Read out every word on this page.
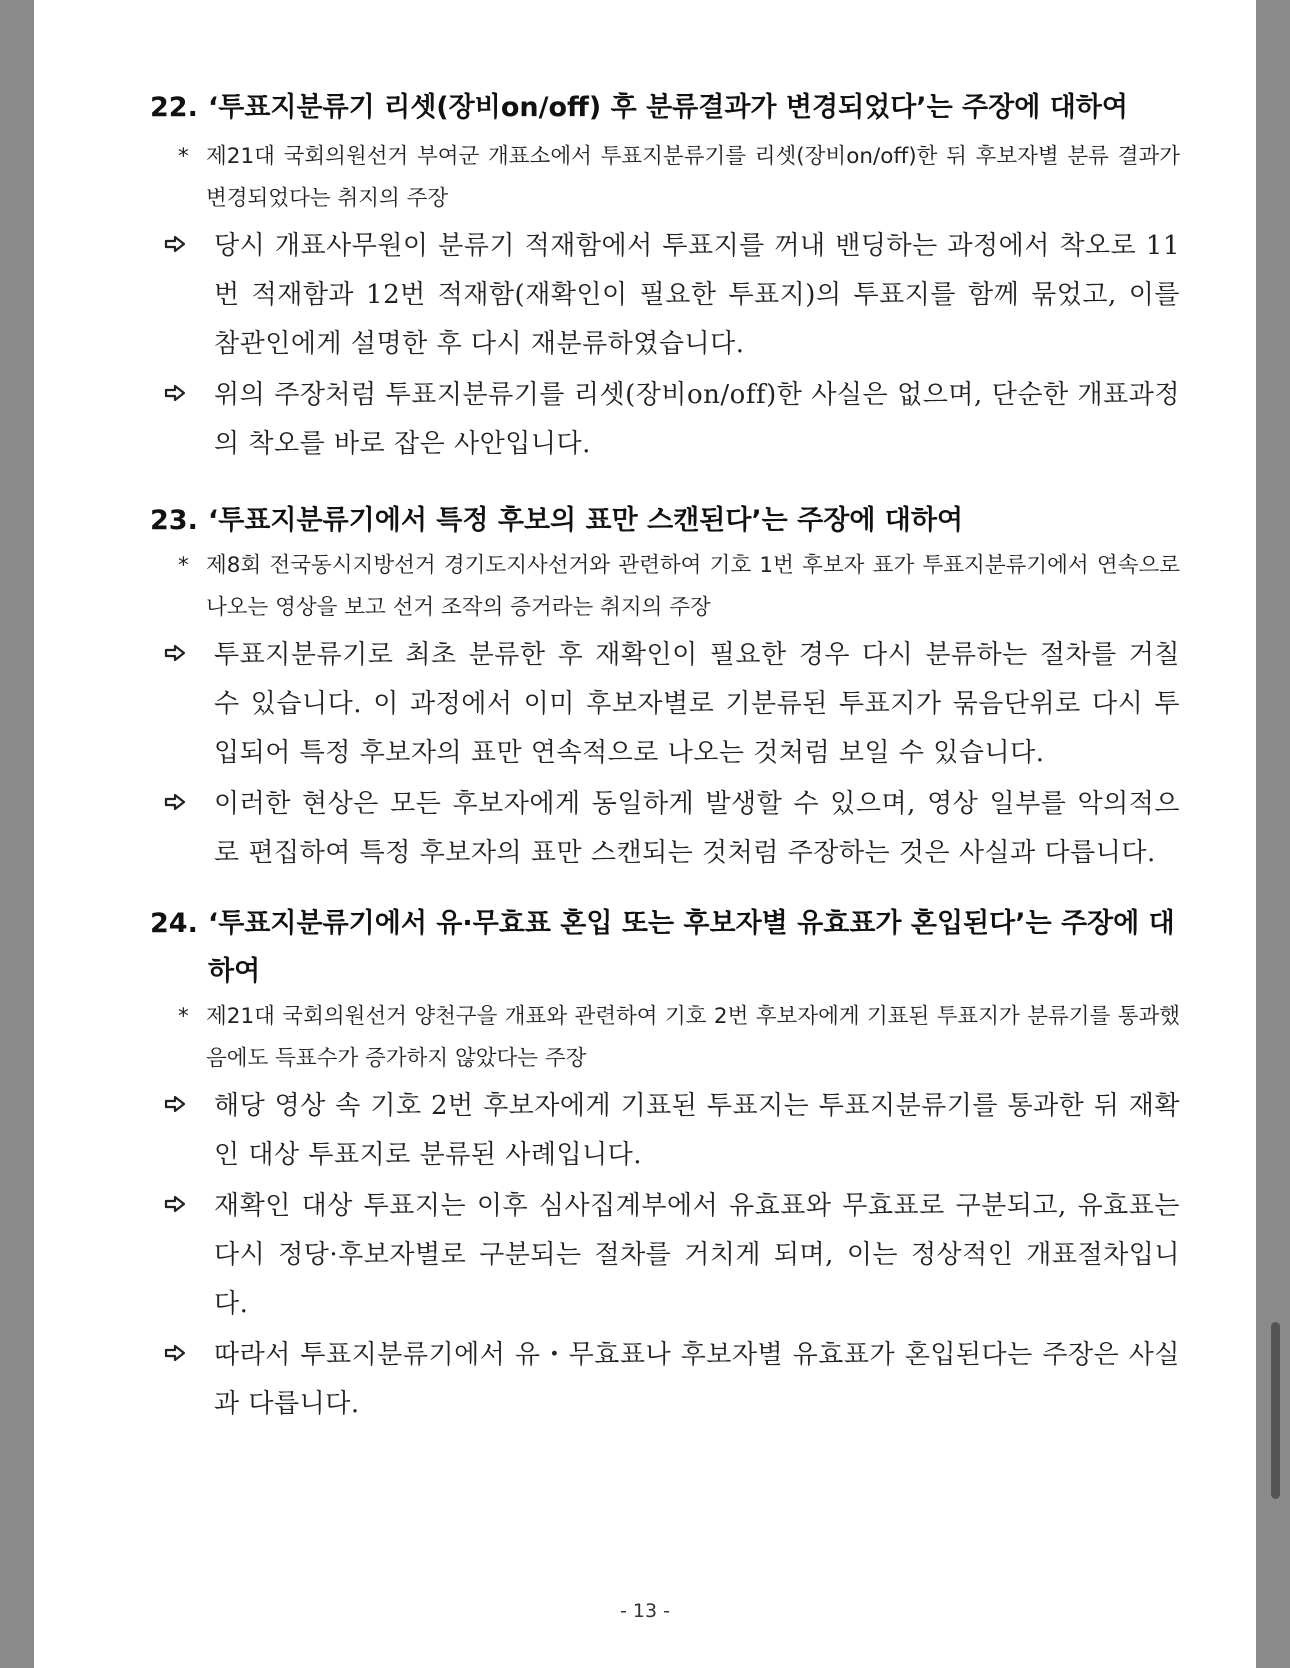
22. ‘투표지분류기 리셋(장비on/off) 후 분류결과가 변경되었다’는 주장에 대하여
* 제21대 국회의원선거 부여군 개표소에서 투표지분류기를 리셋(장비on/off)한 뒤 후보자별 분류 결과가 변경되었다는 취지의 주장
당시 개표사무원이 분류기 적재함에서 투표지를 꺼내 밴딩하는 과정에서 착오로 11번 적재함과 12번 적재함(재확인이 필요한 투표지)의 투표지를 함께 묶었고, 이를 참관인에게 설명한 후 다시 재분류하였습니다.
위의 주장처럼 투표지분류기를 리셋(장비on/off)한 사실은 없으며, 단순한 개표과정의 착오를 바로 잡은 사안입니다.
23. ‘투표지분류기에서 특정 후보의 표만 스캔된다’는 주장에 대하여
* 제8회 전국동시지방선거 경기도지사선거와 관련하여 기호 1번 후보자 표가 투표지분류기에서 연속으로 나오는 영상을 보고 선거 조작의 증거라는 취지의 주장
투표지분류기로 최초 분류한 후 재확인이 필요한 경우 다시 분류하는 절차를 거칠 수 있습니다. 이 과정에서 이미 후보자별로 기분류된 투표지가 묶음단위로 다시 투입되어 특정 후보자의 표만 연속적으로 나오는 것처럼 보일 수 있습니다.
이러한 현상은 모든 후보자에게 동일하게 발생할 수 있으며, 영상 일부를 악의적으로 편집하여 특정 후보자의 표만 스캔되는 것처럼 주장하는 것은 사실과 다릅니다.
24. ‘투표지분류기에서 유·무효표 혼입 또는 후보자별 유효표가 혼입된다’는 주장에 대하여
* 제21대 국회의원선거 양천구을 개표와 관련하여 기호 2번 후보자에게 기표된 투표지가 분류기를 통과했음에도 득표수가 증가하지 않았다는 주장
해당 영상 속 기호 2번 후보자에게 기표된 투표지는 투표지분류기를 통과한 뒤 재확인 대상 투표지로 분류된 사례입니다.
재확인 대상 투표지는 이후 심사집계부에서 유효표와 무효표로 구분되고, 유효표는 다시 정당·후보자별로 구분되는 절차를 거치게 되며, 이는 정상적인 개표절차입니다.
따라서 투표지분류기에서 유・무효표나 후보자별 유효표가 혼입된다는 주장은 사실과 다릅니다.
- 13 -
